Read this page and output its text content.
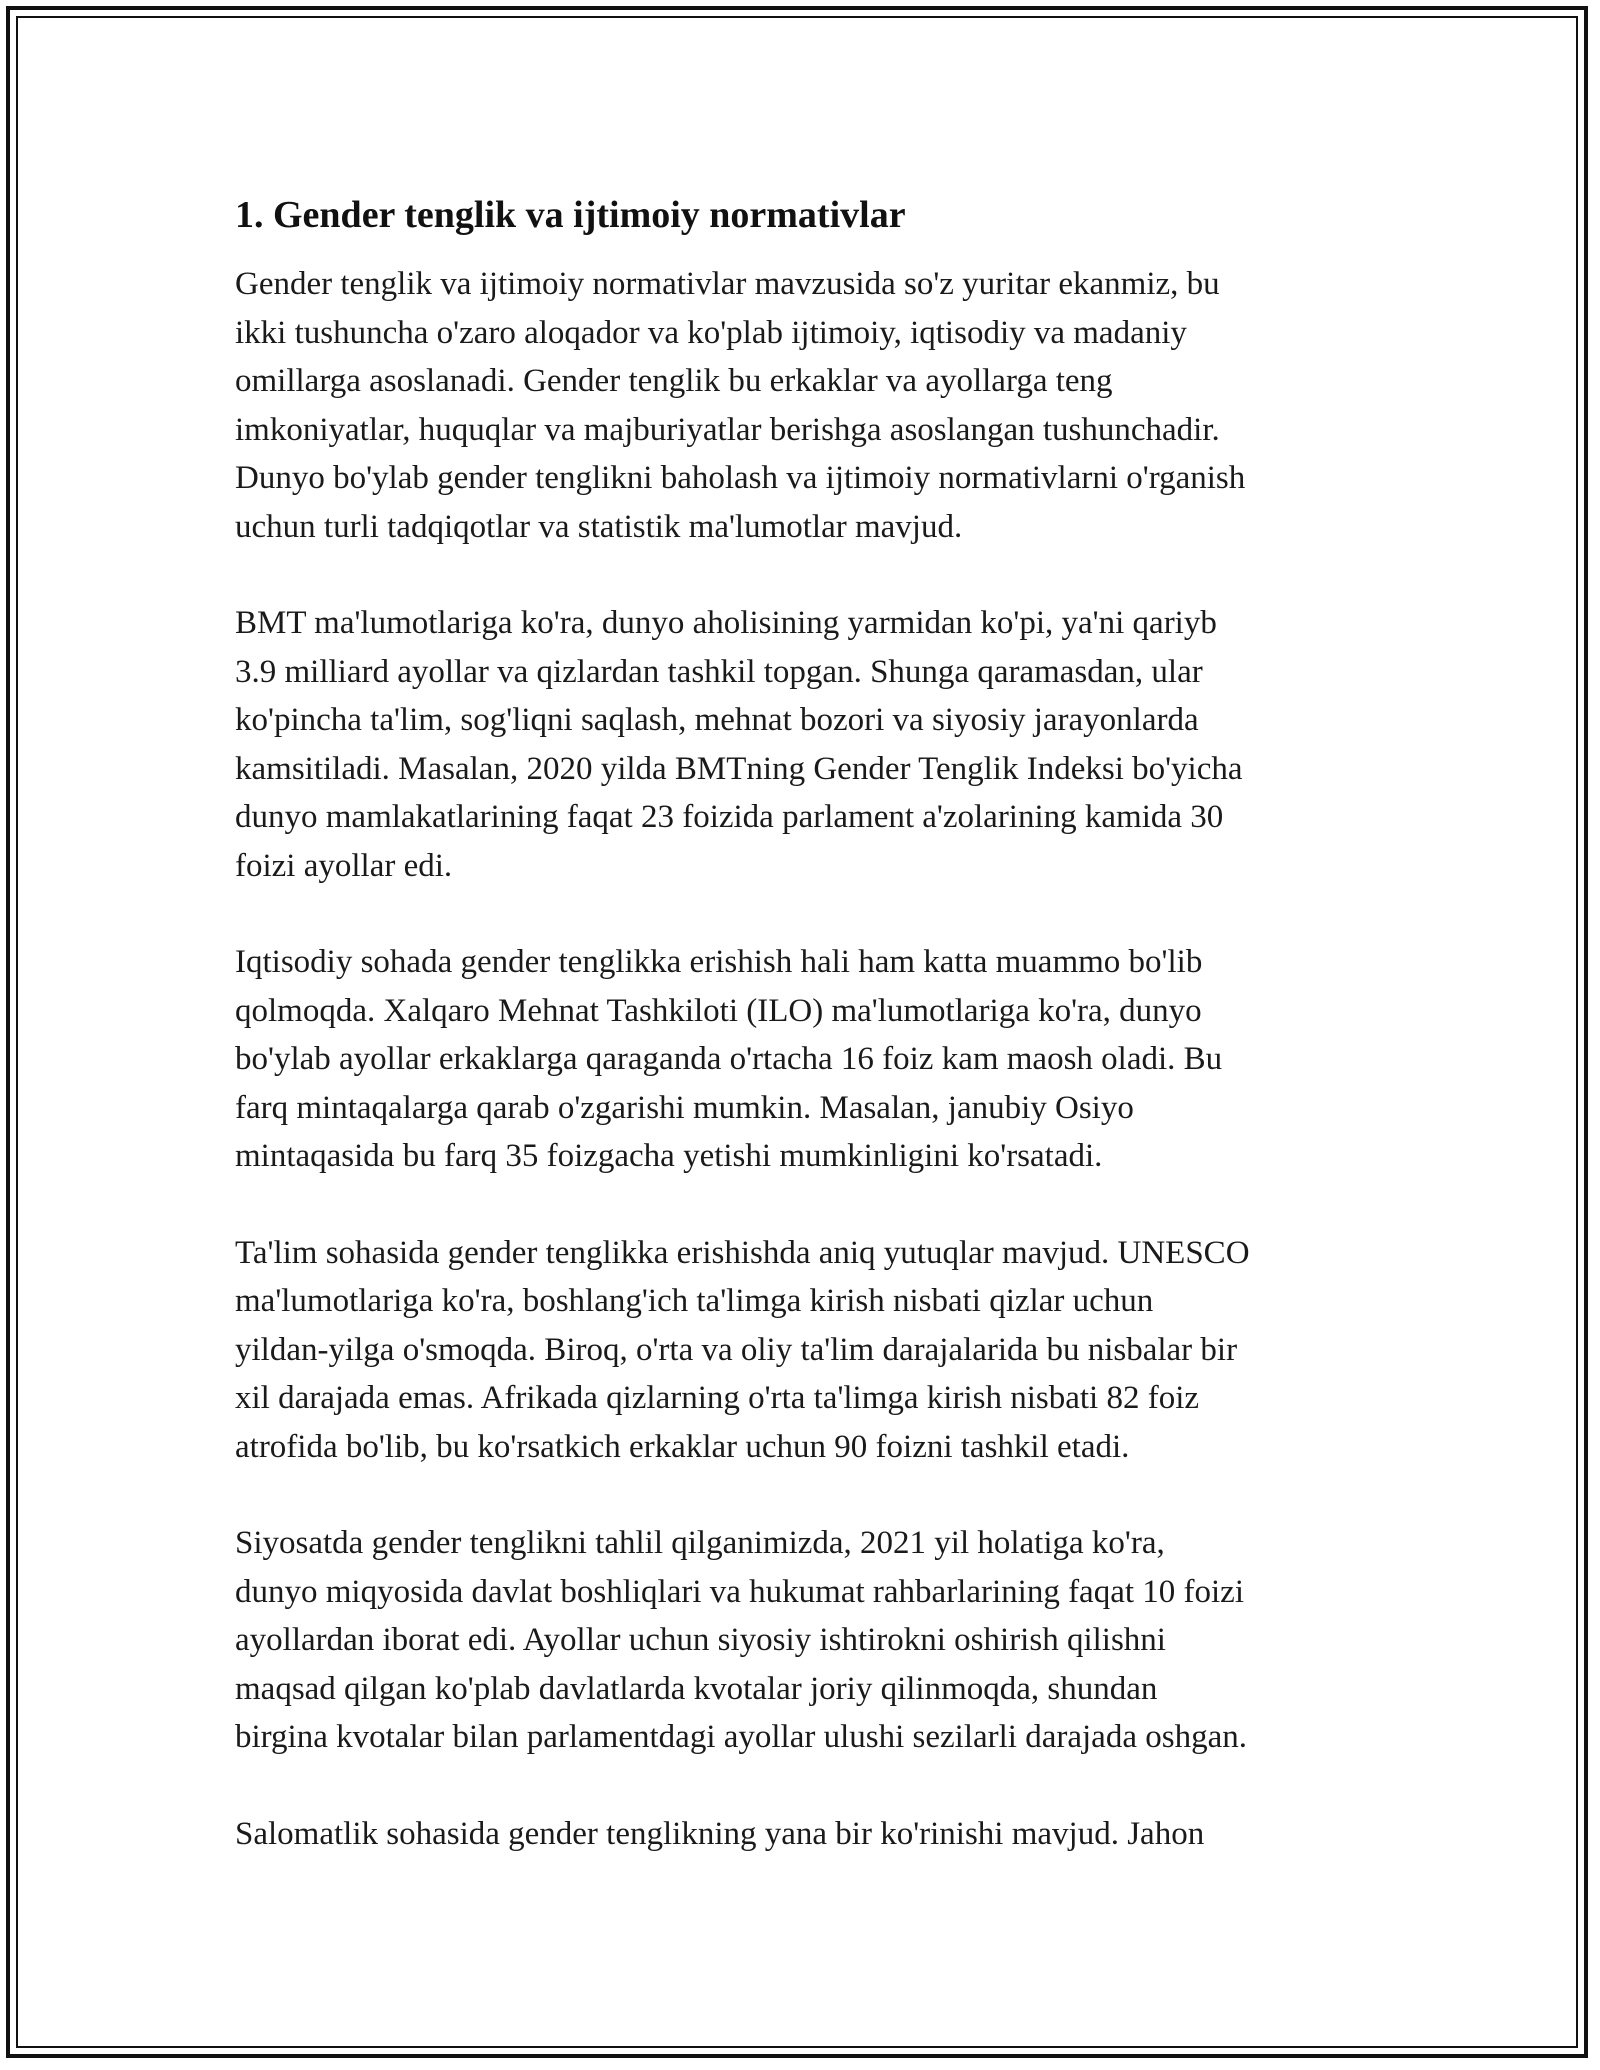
1. Gender tenglik va ijtimoiy normativlar

Gender tenglik va ijtimoiy normativlar mavzusida so'z yuritar ekanmiz, bu
ikki tushuncha o'zaro aloqador va ko'plab ijtimoiy, iqtisodiy va madaniy
omillarga asoslanadi. Gender tenglik bu erkaklar va ayollarga teng
imkoniyatlar, huquqlar va majburiyatlar berishga asoslangan tushunchadir.
Dunyo bo'ylab gender tenglikni baholash va ijtimoiy normativlarni o'rganish
uchun turli tadqiqotlar va statistik ma'lumotlar mavjud.

BMT ma'lumotlariga ko'ra, dunyo aholisining yarmidan ko'pi, ya'ni qariyb
3.9 milliard ayollar va qizlardan tashkil topgan. Shunga qaramasdan, ular
ko'pincha ta'lim, sog'liqni saqlash, mehnat bozori va siyosiy jarayonlarda
kamsitiladi. Masalan, 2020 yilda BMTning Gender Tenglik Indeksi bo'yicha
dunyo mamlakatlarining faqat 23 foizida parlament a'zolarining kamida 30
foizi ayollar edi.

Iqtisodiy sohada gender tenglikka erishish hali ham katta muammo bo'lib
qolmoqda. Xalqaro Mehnat Tashkiloti (ILO) ma'lumotlariga ko'ra, dunyo
bo'ylab ayollar erkaklarga qaraganda o'rtacha 16 foiz kam maosh oladi. Bu
farq mintaqalarga qarab o'zgarishi mumkin. Masalan, janubiy Osiyo
mintaqasida bu farq 35 foizgacha yetishi mumkinligini ko'rsatadi.

Ta'lim sohasida gender tenglikka erishishda aniq yutuqlar mavjud. UNESCO
ma'lumotlariga ko'ra, boshlang'ich ta'limga kirish nisbati qizlar uchun
yildan-yilga o'smoqda. Biroq, o'rta va oliy ta'lim darajalarida bu nisbalar bir
xil darajada emas. Afrikada qizlarning o'rta ta'limga kirish nisbati 82 foiz
atrofida bo'lib, bu ko'rsatkich erkaklar uchun 90 foizni tashkil etadi.

Siyosatda gender tenglikni tahlil qilganimizda, 2021 yil holatiga ko'ra,
dunyo miqyosida davlat boshliqlari va hukumat rahbarlarining faqat 10 foizi
ayollardan iborat edi. Ayollar uchun siyosiy ishtirokni oshirish qilishni
maqsad qilgan ko'plab davlatlarda kvotalar joriy qilinmoqda, shundan
birgina kvotalar bilan parlamentdagi ayollar ulushi sezilarli darajada oshgan.

Salomatlik sohasida gender tenglikning yana bir ko'rinishi mavjud. Jahon
